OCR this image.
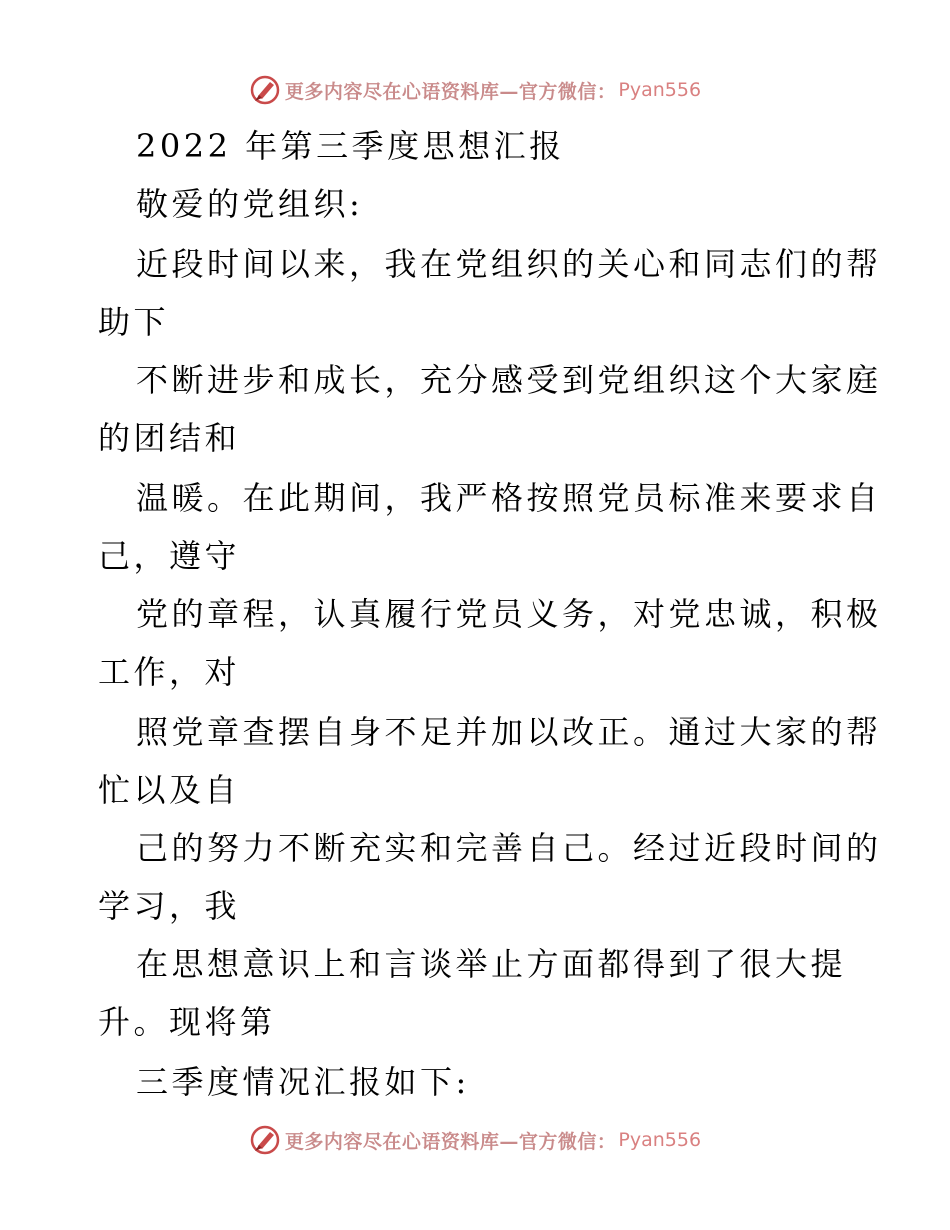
更多内容尽在心语资料库—官方微信： Pyan556
2022 年第三季度思想汇报
敬爱的党组织:
近段时间以来，我在党组织的关心和同志们的帮
助下
不断进步和成长，充分感受到党组织这个大家庭
的团结和
温暖。在此期间，我严格按照党员标准来要求自
己，遵守
党的章程，认真履行党员义务，对党忠诚，积极
工作，对
照党章查摆自身不足并加以改正。通过大家的帮
忙以及自
己的努力不断充实和完善自己。经过近段时间的
学习，我
在思想意识上和言谈举止方面都得到了很大提
升。现将第
三季度情况汇报如下:
更多内容尽在心语资料库—官方微信： Pyan556
